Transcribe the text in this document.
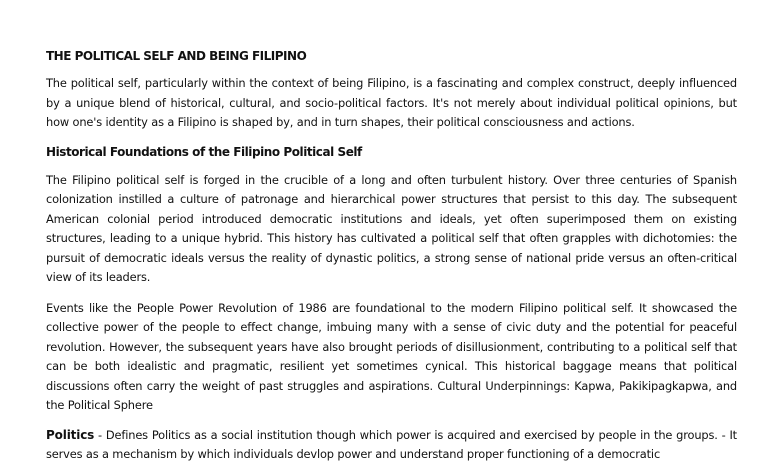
THE POLITICAL SELF AND BEING FILIPINO

The political self, particularly within the context of being Filipino, is a fascinating and complex construct, deeply influenced by a unique blend of historical, cultural, and socio-political factors. It's not merely about individual political opinions, but how one's identity as a Filipino is shaped by, and in turn shapes, their political consciousness and actions.

Historical Foundations of the Filipino Political Self

The Filipino political self is forged in the crucible of a long and often turbulent history. Over three centuries of Spanish colonization instilled a culture of patronage and hierarchical power structures that persist to this day. The subsequent American colonial period introduced democratic institutions and ideals, yet often superimposed them on existing structures, leading to a unique hybrid. This history has cultivated a political self that often grapples with dichotomies: the pursuit of democratic ideals versus the reality of dynastic politics, a strong sense of national pride versus an often-critical view of its leaders.

Events like the People Power Revolution of 1986 are foundational to the modern Filipino political self. It showcased the collective power of the people to effect change, imbuing many with a sense of civic duty and the potential for peaceful revolution. However, the subsequent years have also brought periods of disillusionment, contributing to a political self that can be both idealistic and pragmatic, resilient yet sometimes cynical. This historical baggage means that political discussions often carry the weight of past struggles and aspirations. Cultural Underpinnings: Kapwa, Pakikipagkapwa, and the Political Sphere

Politics - Defines Politics as a social institution though which power is acquired and exercised by people in the groups. - It serves as a mechanism by which individuals devlop power and understand proper functioning of a democratic
